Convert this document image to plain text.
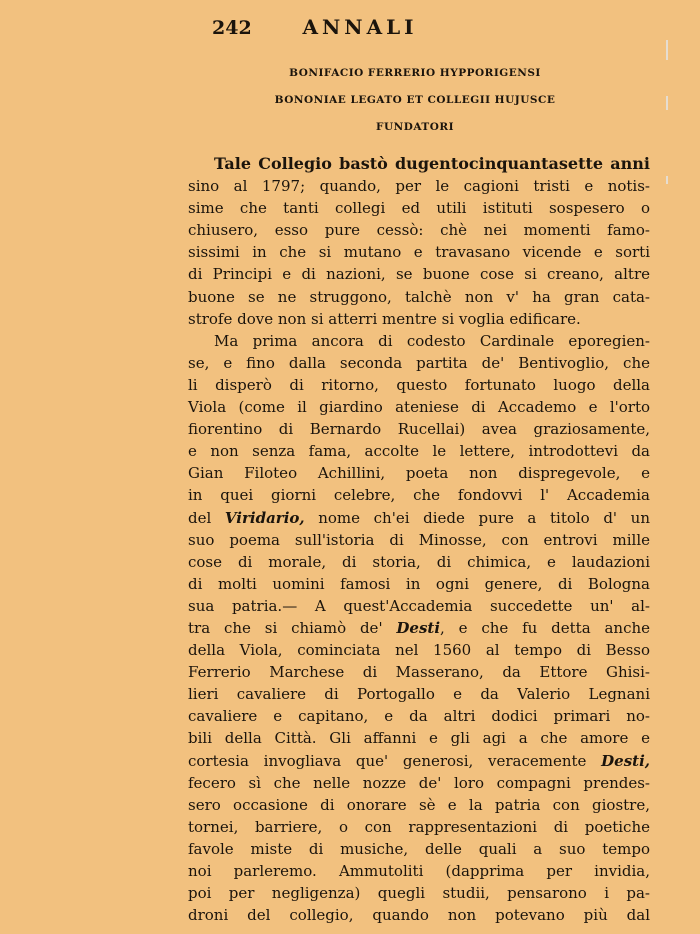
242	ANNALI
BONIFACIO FERRERIO HYPPORIGENSI
BONONIAE LEGATO ET COLLEGII HUJUSCE
FUNDATORI
Tale Collegio bastò dugentocinquantasette anni
sino al 1797; quando, per le cagioni tristi e notis-
sime che tanti collegi ed utili istituti sospesero o
chiusero, esso pure cessò: chè nei momenti famo-
sissimi in che si mutano e travasano vicende e sorti
di Principi e di nazioni, se buone cose si creano, altre
buone se ne struggono, talchè non v' ha gran cata-
strofe dove non si atterri mentre si voglia edificare.
Ma prima ancora di codesto Cardinale eporegien-
se, e fino dalla seconda partita de' Bentivoglio, che
li disperò di ritorno, questo fortunato luogo della
Viola (come il giardino ateniese di Accademo e l'orto
fiorentino di Bernardo Rucellai) avea graziosamente,
e non senza fama, accolte le lettere, introdottevi da
Gian Filoteo Achillini, poeta non dispregevole, e
in quei giorni celebre, che fondovvi l' Accademia
del Viridario, nome ch'ei diede pure a titolo d' un
suo poema sull'istoria di Minosse, con entrovi mille
cose di morale, di storia, di chimica, e laudazioni
di molti uomini famosi in ogni genere, di Bologna
sua patria.— A quest'Accademia succedette un' al-
tra che si chiamò de' Desti, e che fu detta anche
della Viola, cominciata nel 1560 al tempo di Besso
Ferrerio Marchese di Masserano, da Ettore Ghisi-
lieri cavaliere di Portogallo e da Valerio Legnani
cavaliere e capitano, e da altri dodici primari no-
bili della Città. Gli affanni e gli agi a che amore e
cortesia invogliava que' generosi, veracemente Desti,
fecero sì che nelle nozze de' loro compagni prendes-
sero occasione di onorare sè e la patria con giostre,
tornei, barriere, o con rappresentazioni di poetiche
favole miste di musiche, delle quali a suo tempo
noi parleremo. Ammutoliti (dapprima per invidia,
poi per negligenza) quegli studii, pensarono i pa-
droni del collegio, quando non potevano più dal
